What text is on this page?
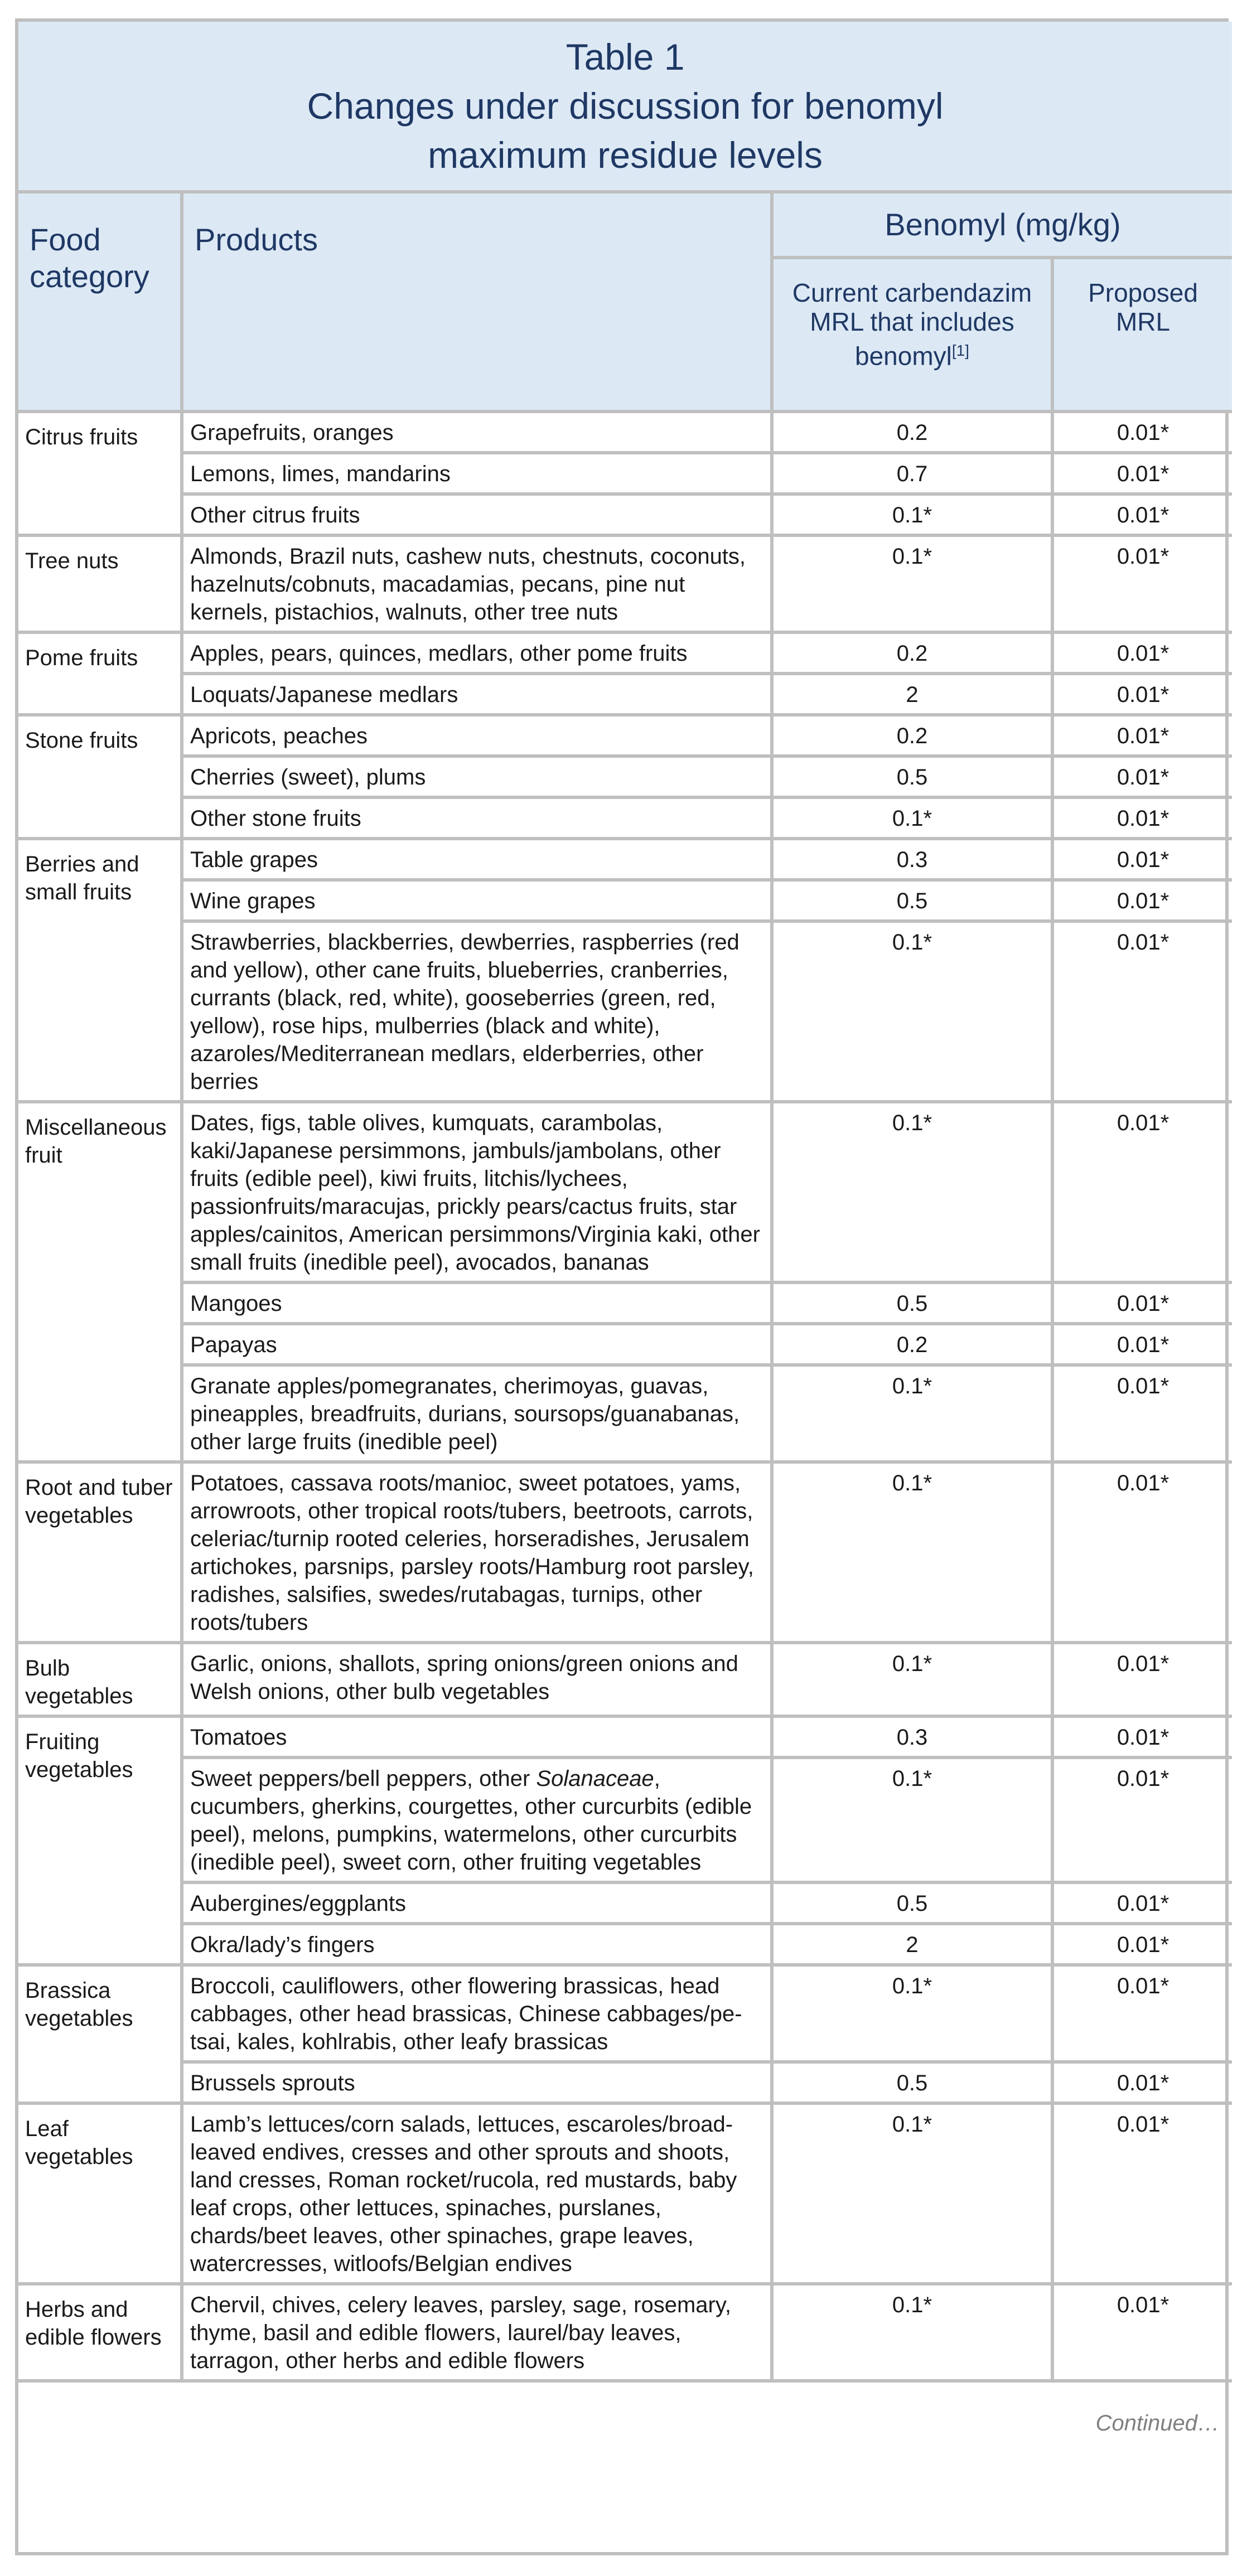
Table 1
Changes under discussion for benomyl
maximum residue levels			

Food category	Products	Benomyl (mg/kg)	
		Current carbendazim MRL that includes benomyl[1]	Proposed MRL
Citrus fruits	Grapefruits, oranges	0.2	0.01*
	Lemons, limes, mandarins	0.7	0.01*
	Other citrus fruits	0.1*	0.01*
Tree nuts	Almonds, Brazil nuts, cashew nuts, chestnuts, coconuts, hazelnuts/cobnuts, macadamias, pecans, pine nut kernels, pistachios, walnuts, other tree nuts	0.1*	0.01*
Pome fruits	Apples, pears, quinces, medlars, other pome fruits	0.2	0.01*
	Loquats/Japanese medlars	2	0.01*
Stone fruits	Apricots, peaches	0.2	0.01*
	Cherries (sweet), plums	0.5	0.01*
	Other stone fruits	0.1*	0.01*
Berries and small fruits	Table grapes	0.3	0.01*
	Wine grapes	0.5	0.01*
	Strawberries, blackberries, dewberries, raspberries (red and yellow), other cane fruits, blueberries, cranberries, currants (black, red, white), gooseberries (green, red, yellow), rose hips, mulberries (black and white), azaroles/Mediterranean medlars, elderberries, other berries	0.1*	0.01*
Miscellaneous fruit	Dates, figs, table olives, kumquats, carambolas, kaki/Japanese persimmons, jambuls/jambolans, other fruits (edible peel), kiwi fruits, litchis/lychees, passionfruits/maracujas, prickly pears/cactus fruits, star apples/cainitos, American persimmons/Virginia kaki, other small fruits (inedible peel), avocados, bananas	0.1*	0.01*
	Mangoes	0.5	0.01*
	Papayas	0.2	0.01*
	Granate apples/pomegranates, cherimoyas, guavas, pineapples, breadfruits, durians, soursops/guanabanas, other large fruits (inedible peel)	0.1*	0.01*
Root and tuber vegetables	Potatoes, cassava roots/manioc, sweet potatoes, yams, arrowroots, other tropical roots/tubers, beetroots, carrots, celeriac/turnip rooted celeries, horseradishes, Jerusalem artichokes, parsnips, parsley roots/Hamburg root parsley, radishes, salsifies, swedes/rutabagas, turnips, other roots/tubers	0.1*	0.01*
Bulb vegetables	Garlic, onions, shallots, spring onions/green onions and Welsh onions, other bulb vegetables	0.1*	0.01*
Fruiting vegetables	Tomatoes	0.3	0.01*
	Sweet peppers/bell peppers, other Solanaceae, cucumbers, gherkins, courgettes, other curcurbits (edible peel), melons, pumpkins, watermelons, other curcurbits (inedible peel), sweet corn, other fruiting vegetables	0.1*	0.01*
	Aubergines/eggplants	0.5	0.01*
	Okra/lady’s fingers	2	0.01*
Brassica vegetables	Broccoli, cauliflowers, other flowering brassicas, head cabbages, other head brassicas, Chinese cabbages/pe-tsai, kales, kohlrabis, other leafy brassicas	0.1*	0.01*
	Brussels sprouts	0.5	0.01*
Leaf vegetables	Lamb’s lettuces/corn salads, lettuces, escaroles/broad-leaved endives, cresses and other sprouts and shoots, land cresses, Roman rocket/rucola, red mustards, baby leaf crops, other lettuces, spinaches, purslanes, chards/beet leaves, other spinaches, grape leaves, watercresses, witloofs/Belgian endives	0.1*	0.01*
Herbs and edible flowers	Chervil, chives, celery leaves, parsley, sage, rosemary, thyme, basil and edible flowers, laurel/bay leaves, tarragon, other herbs and edible flowers	0.1*	0.01*
Continued…			
